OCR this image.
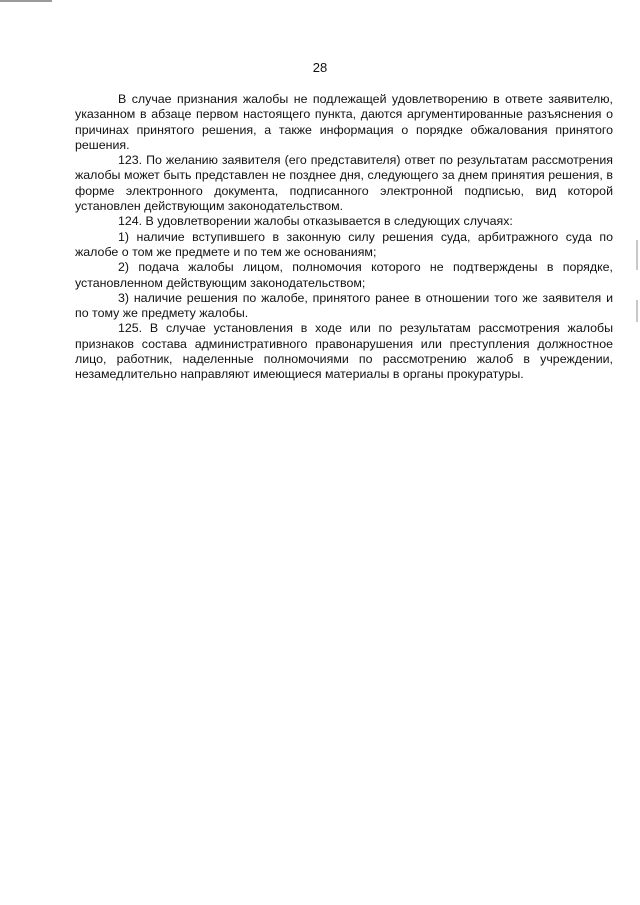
28

В случае признания жалобы не подлежащей удовлетворению в ответе заявителю, указанном в абзаце первом настоящего пункта, даются аргументированные разъяснения о причинах принятого решения, а также информация о порядке обжалования принятого решения.

123. По желанию заявителя (его представителя) ответ по результатам рассмотрения жалобы может быть представлен не позднее дня, следующего за днем принятия решения, в форме электронного документа, подписанного электронной подписью, вид которой установлен действующим законодательством.

124. В удовлетворении жалобы отказывается в следующих случаях:

1) наличие вступившего в законную силу решения суда, арбитражного суда по жалобе о том же предмете и по тем же основаниям;

2) подача жалобы лицом, полномочия которого не подтверждены в порядке, установленном действующим законодательством;

3) наличие решения по жалобе, принятого ранее в отношении того же заявителя и по тому же предмету жалобы.

125. В случае установления в ходе или по результатам рассмотрения жалобы признаков состава административного правонарушения или преступления должностное лицо, работник, наделенные полномочиями по рассмотрению жалоб в учреждении, незамедлительно направляют имеющиеся материалы в органы прокуратуры.
